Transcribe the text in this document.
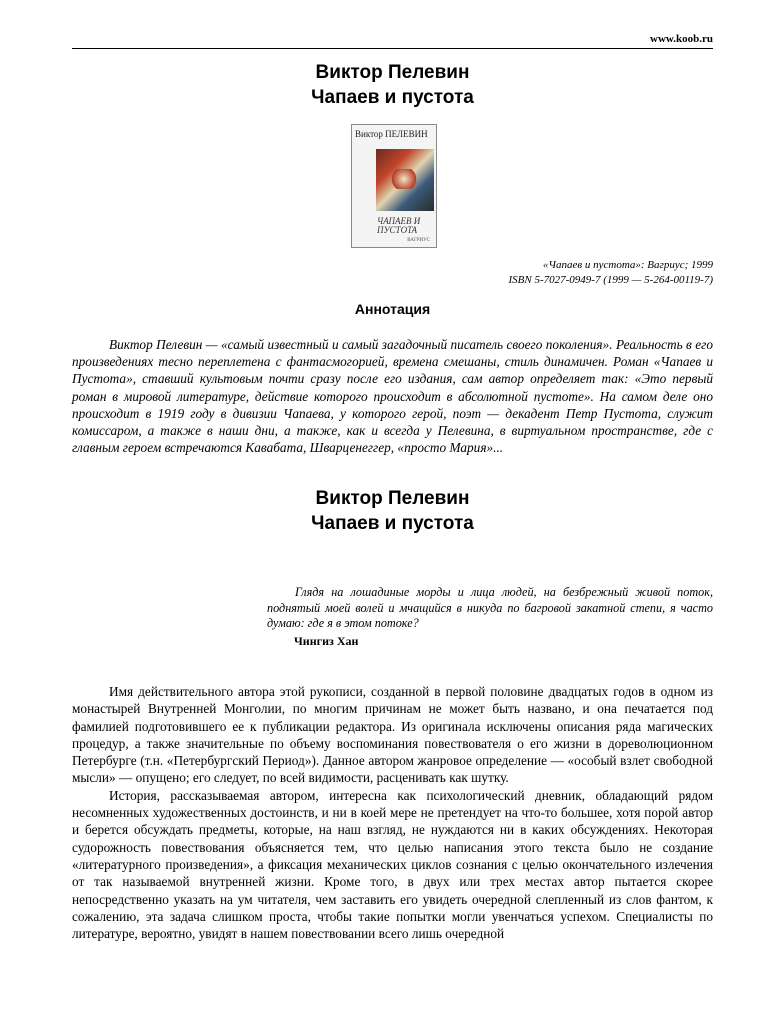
www.koob.ru
Виктор Пелевин
Чапаев и пустота
Виктор ПЕЛЕВИН
ЧАПАЕВ И ПУСТОТА
ВАГРИУС
«Чапаев и пустота»: Вагриус; 1999
ISBN 5-7027-0949-7 (1999 — 5-264-00119-7)
Аннотация

Виктор Пелевин — «самый известный и самый загадочный писатель своего поколения». Реальность в его произведениях тесно переплетена с фантасмогорией, времена смешаны, стиль динамичен. Роман «Чапаев и Пустота», ставший культовым почти сразу после его издания, сам автор определяет так: «Это первый роман в мировой литературе, действие которого происходит в абсолютной пустоте». На самом деле оно происходит в 1919 году в дивизии Чапаева, у которого герой, поэт — декадент Петр Пустота, служит комиссаром, а также в наши дни, а также, как и всегда у Пелевина, в виртуальном пространстве, где с главным героем встречаются Кавабата, Шварценеггер, «просто Мария»...

Виктор Пелевин
Чапаев и пустота

Глядя на лошадиные морды и лица людей, на безбрежный живой поток, поднятый моей волей и мчащийся в никуда по багровой закатной степи, я часто думаю: где я в этом потоке?

Чингиз Хан

Имя действительного автора этой рукописи, созданной в первой половине двадцатых годов в одном из монастырей Внутренней Монголии, по многим причинам не может быть названо, и она печатается под фамилией подготовившего ее к публикации редактора. Из оригинала исключены описания ряда магических процедур, а также значительные по объему воспоминания повествователя о его жизни в дореволюционном Петербурге (т.н. «Петербургский Период»). Данное автором жанровое определение — «особый взлет свободной мысли» — опущено; его следует, по всей видимости, расценивать как шутку.

История, рассказываемая автором, интересна как психологический дневник, обладающий рядом несомненных художественных достоинств, и ни в коей мере не претендует на что-то большее, хотя порой автор и берется обсуждать предметы, которые, на наш взгляд, не нуждаются ни в каких обсуждениях. Некоторая судорожность повествования объясняется тем, что целью написания этого текста было не создание «литературного произведения», а фиксация механических циклов сознания с целью окончательного излечения от так называемой внутренней жизни. Кроме того, в двух или трех местах автор пытается скорее непосредственно указать на ум читателя, чем заставить его увидеть очередной слепленный из слов фантом, к сожалению, эта задача слишком проста, чтобы такие попытки могли увенчаться успехом. Специалисты по литературе, вероятно, увидят в нашем повествовании всего лишь очередной
